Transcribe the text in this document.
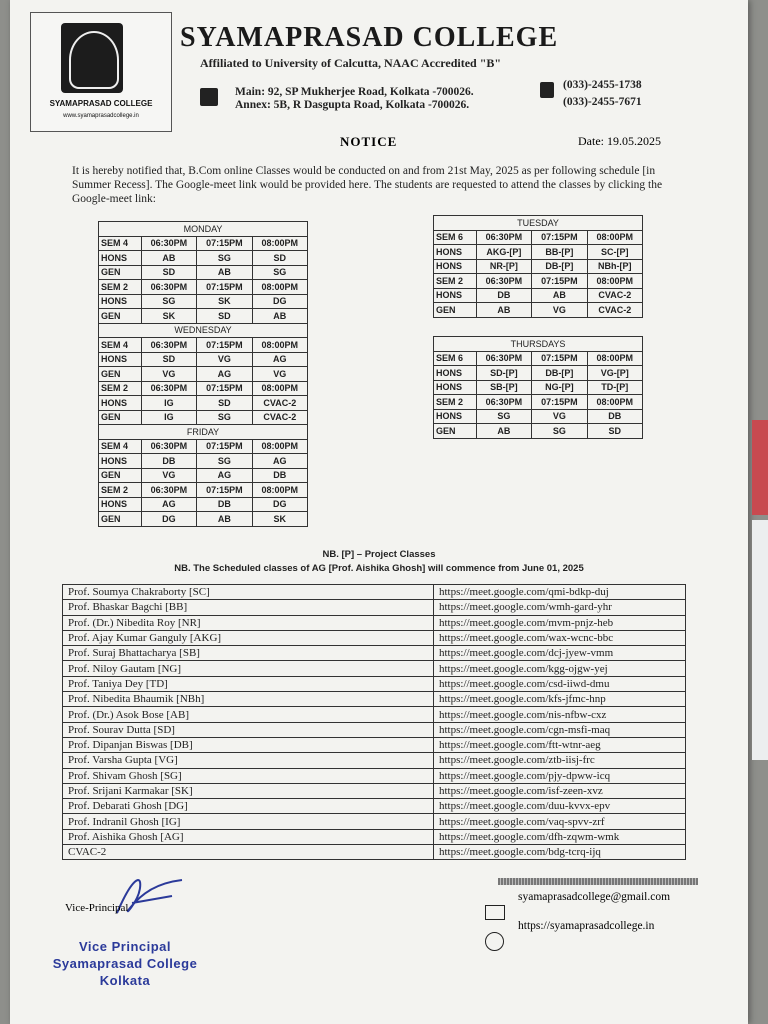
SYAMAPRASAD COLLEGE
www.syamaprasadcollege.in
SYAMAPRASAD COLLEGE
Affiliated to University of Calcutta, NAAC Accredited "B"
Main: 92, SP Mukherjee Road, Kolkata -700026.
Annex: 5B, R Dasgupta Road, Kolkata -700026.
(033)-2455-1738
(033)-2455-7671
NOTICE	Date: 19.05.2025
It is hereby notified that, B.Com online Classes would be conducted on and from 21st May, 2025 as per following schedule [in Summer Recess]. The Google-meet link would be provided here. The students are requested to attend the classes by clicking the Google-meet link:
MONDAY			
SEM 4	06:30PM	07:15PM	08:00PM
HONS	AB	SG	SD
GEN	SD	AB	SG
SEM 2	06:30PM	07:15PM	08:00PM
HONS	SG	SK	DG
GEN	SK	SD	AB
WEDNESDAY			
SEM 4	06:30PM	07:15PM	08:00PM
HONS	SD	VG	AG
GEN	VG	AG	VG
SEM 2	06:30PM	07:15PM	08:00PM
HONS	IG	SD	CVAC-2
GEN	IG	SG	CVAC-2
FRIDAY			
SEM 4	06:30PM	07:15PM	08:00PM
HONS	DB	SG	AG
GEN	VG	AG	DB
SEM 2	06:30PM	07:15PM	08:00PM
HONS	AG	DB	DG
GEN	DG	AB	SK
TUESDAY			
SEM 6	06:30PM	07:15PM	08:00PM
HONS	AKG-[P]	BB-[P]	SC-[P]
HONS	NR-[P]	DB-[P]	NBh-[P]
SEM 2	06:30PM	07:15PM	08:00PM
HONS	DB	AB	CVAC-2
GEN	AB	VG	CVAC-2
THURSDAYS			
SEM 6	06:30PM	07:15PM	08:00PM
HONS	SD-[P]	DB-[P]	VG-[P]
HONS	SB-[P]	NG-[P]	TD-[P]
SEM 2	06:30PM	07:15PM	08:00PM
HONS	SG	VG	DB
GEN	AB	SG	SD
NB. [P] – Project Classes
NB. The Scheduled classes of AG [Prof. Aishika Ghosh] will commence from June 01, 2025
Prof. Soumya Chakraborty [SC]	https://meet.google.com/qmi-bdkp-duj
Prof. Bhaskar Bagchi [BB]	https://meet.google.com/wmh-gard-yhr
Prof. (Dr.) Nibedita Roy [NR]	https://meet.google.com/mvm-pnjz-heb
Prof. Ajay Kumar Ganguly [AKG]	https://meet.google.com/wax-wcnc-bbc
Prof. Suraj Bhattacharya [SB]	https://meet.google.com/dcj-jyew-vmm
Prof. Niloy Gautam [NG]	https://meet.google.com/kgg-ojgw-yej
Prof. Taniya Dey [TD]	https://meet.google.com/csd-iiwd-dmu
Prof. Nibedita Bhaumik [NBh]	https://meet.google.com/kfs-jfmc-hnp
Prof. (Dr.) Asok Bose [AB]	https://meet.google.com/nis-nfbw-cxz
Prof. Sourav Dutta [SD]	https://meet.google.com/cgn-msfi-maq
Prof. Dipanjan Biswas [DB]	https://meet.google.com/ftt-wtnr-aeg
Prof. Varsha Gupta [VG]	https://meet.google.com/ztb-iisj-frc
Prof. Shivam Ghosh [SG]	https://meet.google.com/pjy-dpww-icq
Prof. Srijani Karmakar [SK]	https://meet.google.com/isf-zeen-xvz
Prof. Debarati Ghosh [DG]	https://meet.google.com/duu-kvvx-epv
Prof. Indranil Ghosh [IG]	https://meet.google.com/vaq-spvv-zrf
Prof. Aishika Ghosh [AG]	https://meet.google.com/dfh-zqwm-wmk
CVAC-2	https://meet.google.com/bdg-tcrq-ijq
Vice-Principal
Vice Principal
Syamaprasad College
Kolkata
syamaprasadcollege@gmail.com
https://syamaprasadcollege.in
